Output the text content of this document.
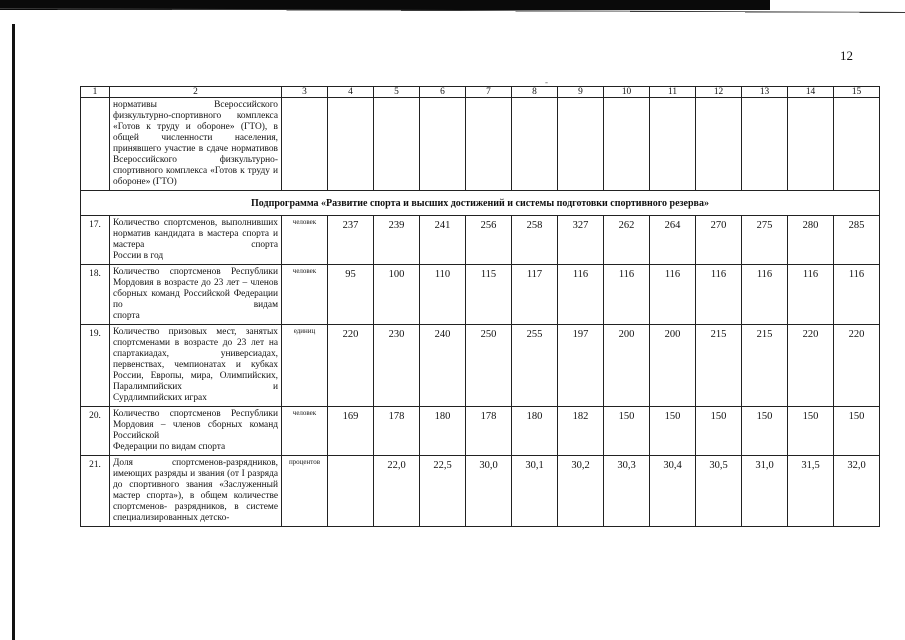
12
-
1	2	3	4	5	6	7	8	9	10	11	12	13	14	15
	нормативы Всероссийского физкультурно-спортивного комплекса «Готов к труду и обороне» (ГТО), в общей численности населения, принявшего участие в сдаче нормативов Всероссийского физкультурно-спортивного комплекса «Готов к труду и
обороне» (ГТО)													

Подпрограмма «Развитие спорта и высших достижений и системы подготовки спортивного резерва»														
17.	Количество спортсменов, выполнивших норматив кандидата в мастера спорта и мастера спорта
России в год	человек	237	239	241	256	258	327	262	264	270	275	280	285
18.	Количество спортсменов Республики Мордовия в возрасте до 23 лет – членов сборных команд Российской Федерации по видам
спорта	человек	95	100	110	115	117	116	116	116	116	116	116	116
19.	Количество призовых мест, занятых спортсменами в возрасте до 23 лет на спартакиадах, универсиадах, первенствах, чемпионатах и кубках России, Европы, мира, Олимпийских, Паралимпийских и
Сурдлимпийских играх	единиц	220	230	240	250	255	197	200	200	215	215	220	220
20.	Количество спортсменов Республики Мордовия – членов сборных команд Российской
Федерации по видам спорта	человек	169	178	180	178	180	182	150	150	150	150	150	150
21.	Доля спортсменов-разрядников, имеющих разряды и звания (от I разряда до спортивного звания «Заслуженный мастер спорта»), в общем количестве спортсменов- разрядников, в системе
специализированных детско-	процентов		22,0	22,5	30,0	30,1	30,2	30,3	30,4	30,5	31,0	31,5	32,0
